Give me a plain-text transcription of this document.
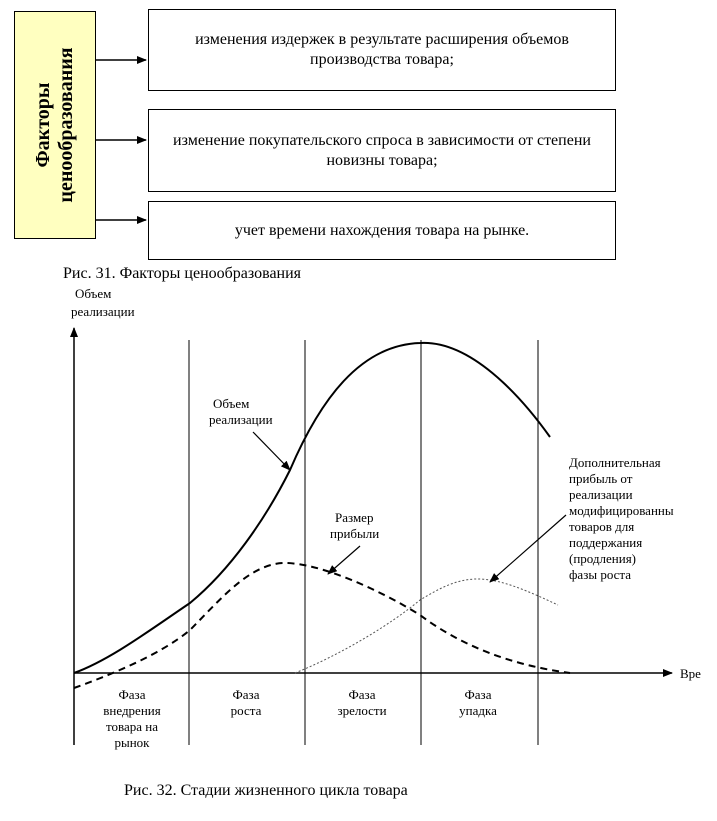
Факторы ценообразования
изменения издержек в результате расширения объемов производства товара;
изменение покупательского спроса в зависимости от степени новизны товара;
учет времени нахождения товара на рынке.
Рис. 31. Факторы ценообразования
Рис. 32. Стадии жизненного цикла товара
Объем
реализации
Вре
Объем
реализации
Размер
прибыли
Дополнительная
прибыль от
реализации
модифицированны
товаров для
поддержания
(продления)
фазы роста
Фаза
внедрения
товара на
рынок
Фаза
роста
Фаза
зрелости
Фаза
упадка
